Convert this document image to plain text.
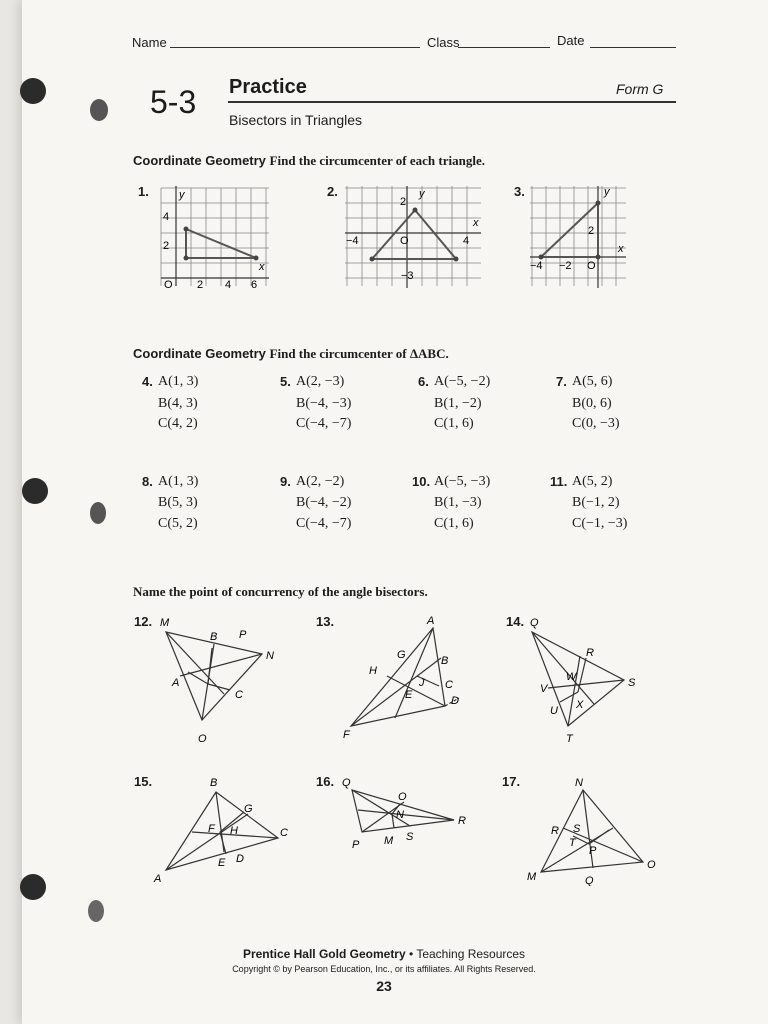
Name	Class	Date
5-3 Practice	Form G
Bisectors in Triangles
Coordinate Geometry Find the circumcenter of each triangle.
1.	y
x
4
2
O 2 4 6
2.	y
x
2
−4	O	4
−3
3.	y
x
2
−4 −2 O
Coordinate Geometry Find the circumcenter of ΔABC.
4. A(1, 3)
B(4, 3)
C(4, 2)
5. A(2, −3)
B(−4, −3)
C(−4, −7)
6. A(−5, −2)
B(1, −2)
C(1, 6)
7. A(5, 6)
B(0, 6)
C(0, −3)
8. A(1, 3)
B(5, 3)
C(5, 2)
9. A(2, −2)
B(−4, −2)
C(−4, −7)
10. A(−5, −3)
B(1, −3)
C(1, 6)
11. A(5, 2)
B(−1, 2)
C(−1, −3)
Name the point of concurrency of the angle bisectors.
12. M
B P
N
A
C
O
13.	A
G	B
H
J C
E	D
F
14. Q
R
W
V	S
U X
T
15.	B
G
F H	C
E D
A
16. Q
O
N	R
P M S
17.	N
R S
T
P
O
M	Q
Prentice Hall Gold Geometry • Teaching Resources
Copyright © by Pearson Education, Inc., or its affiliates. All Rights Reserved.
23
